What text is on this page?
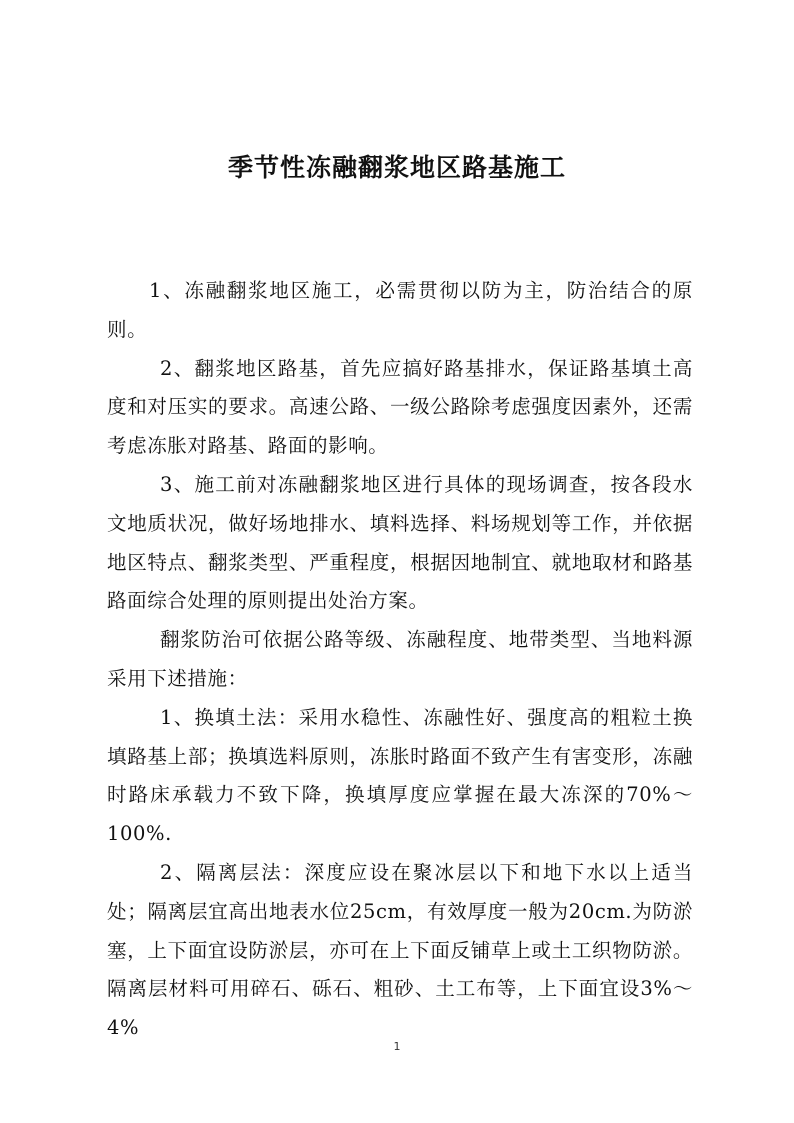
季节性冻融翻浆地区路基施工

1、冻融翻浆地区施工，必需贯彻以防为主，防治结合的原则。

2、翻浆地区路基，首先应搞好路基排水，保证路基填土高度和对压实的要求。高速公路、一级公路除考虑强度因素外，还需考虑冻胀对路基、路面的影响。

3、施工前对冻融翻浆地区进行具体的现场调查，按各段水文地质状况，做好场地排水、填料选择、料场规划等工作，并依据地区特点、翻浆类型、严重程度，根据因地制宜、就地取材和路基路面综合处理的原则提出处治方案。

翻浆防治可依据公路等级、冻融程度、地带类型、当地料源采用下述措施：

1、换填土法：采用水稳性、冻融性好、强度高的粗粒土换填路基上部；换填选料原则，冻胀时路面不致产生有害变形，冻融时路床承载力不致下降，换填厚度应掌握在最大冻深的70%～100%.

2、隔离层法：深度应设在聚冰层以下和地下水以上适当处；隔离层宜高出地表水位25cm，有效厚度一般为20cm.为防淤塞，上下面宜设防淤层，亦可在上下面反铺草上或土工织物防淤。隔离层材料可用碎石、砾石、粗砂、土工布等，上下面宜设3%～4%

1
